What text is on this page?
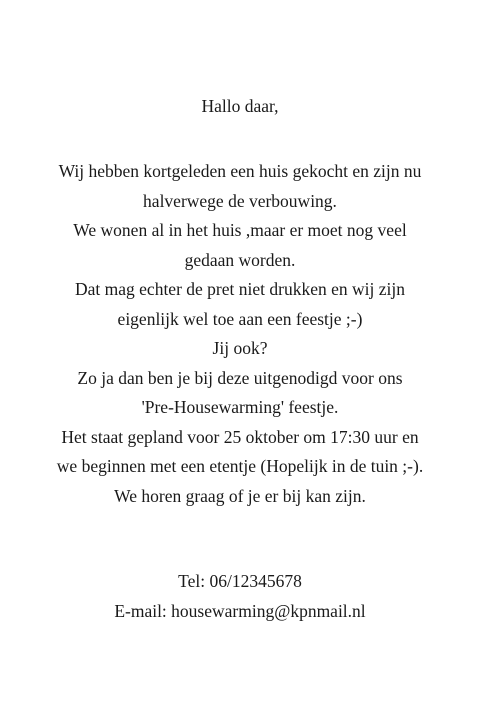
Hallo daar,
Wij hebben kortgeleden een huis gekocht en zijn nu
halverwege de verbouwing.
We wonen al in het huis ,maar er moet nog veel
gedaan worden.
Dat mag echter de pret niet drukken en wij zijn
eigenlijk wel toe aan een feestje ;-)
Jij ook?
Zo ja dan ben je bij deze uitgenodigd voor ons
'Pre-Housewarming' feestje.
Het staat gepland voor 25 oktober om 17:30 uur en
we beginnen met een etentje (Hopelijk in de tuin ;-).
We horen graag of je er bij kan zijn.
Tel: 06/12345678
E-mail: housewarming@kpnmail.nl
